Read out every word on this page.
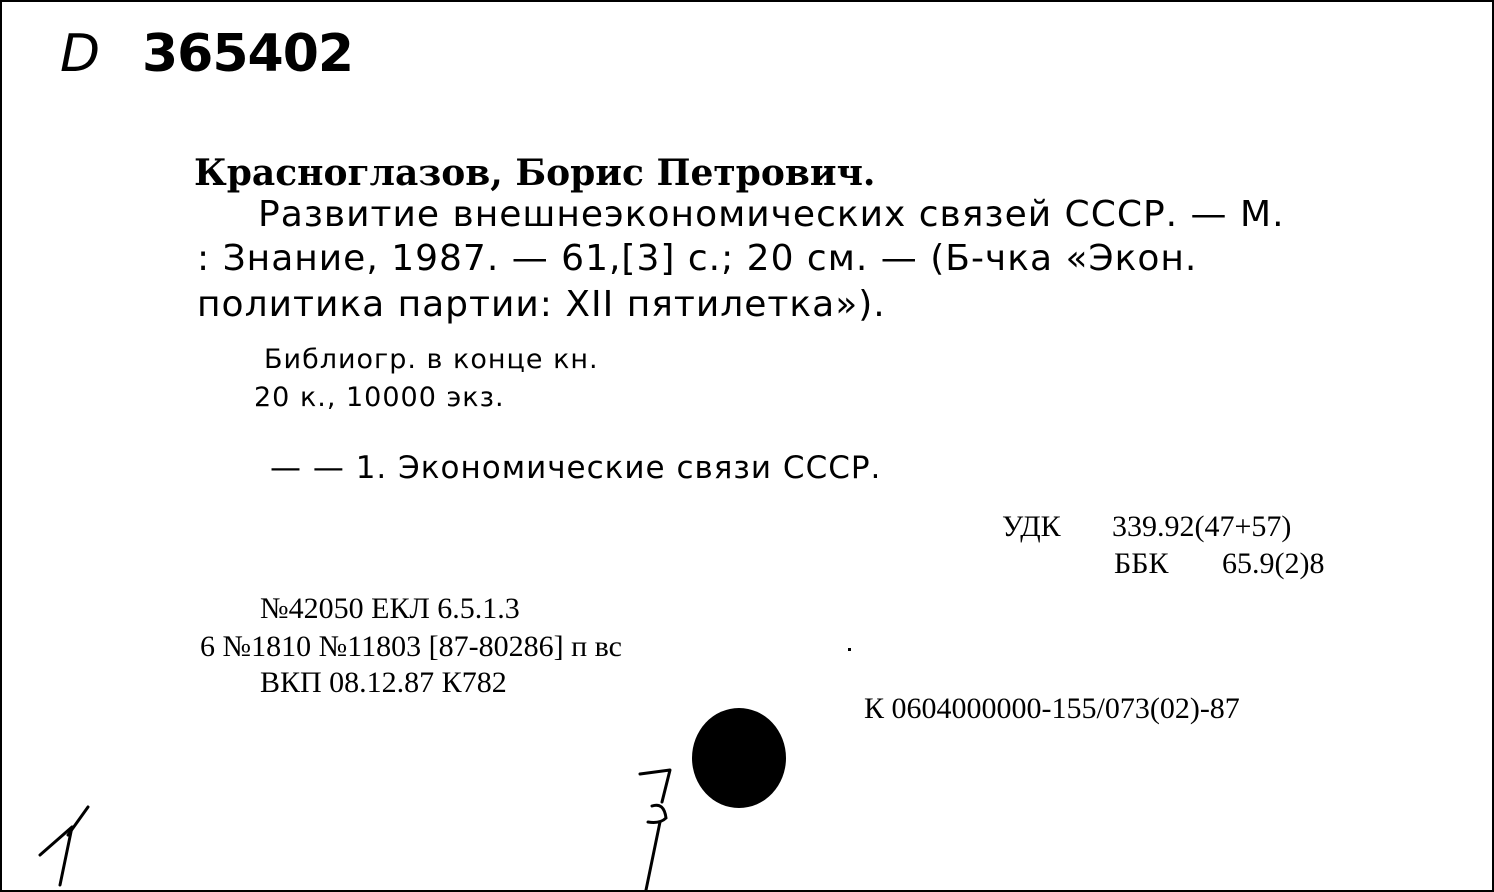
D 365402
Красноглазов, Борис Петрович.
Развитие внешнеэкономических связей СССР. — М.
: Знание, 1987. — 61,[3] с.; 20 см. — (Б-чка «Экон.
политика партии: XII пятилетка»).
Библиогр. в конце кн.
20 к., 10000 экз.
— — 1. Экономические связи СССР.
УДК 339.92(47+57)
ББК 65.9(2)8
№42050 ЕКЛ 6.5.1.3
6 №1810 №11803 [87-80286] п вс
ВКП 08.12.87 К782
К 0604000000-155/073(02)-87
